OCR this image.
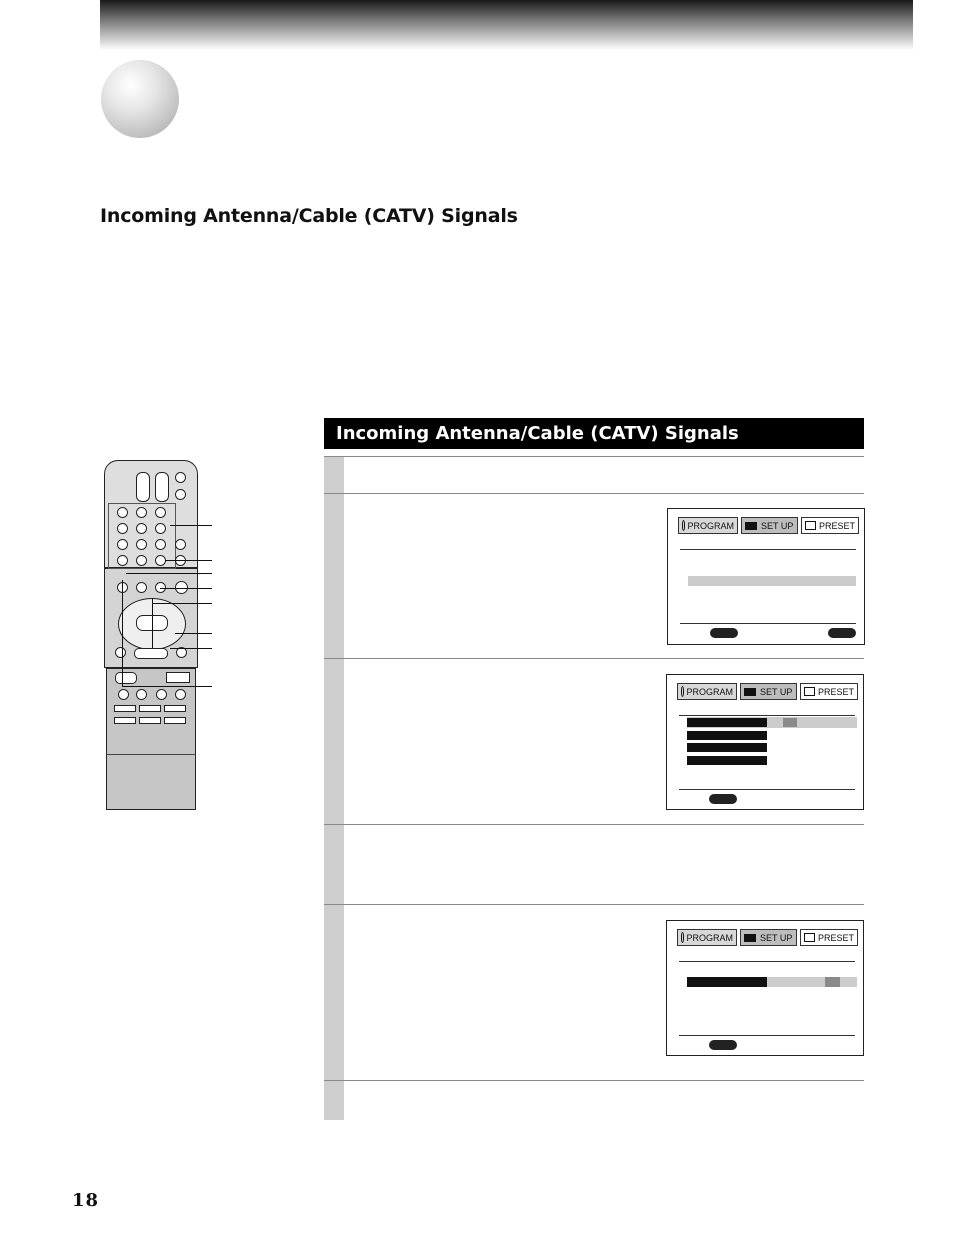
Incoming Antenna/Cable (CATV) Signals
Incoming Antenna/Cable (CATV) Signals
PROGRAM	SET UP	PRESET
PROGRAM	SET UP	PRESET
PROGRAM	SET UP	PRESET
18
